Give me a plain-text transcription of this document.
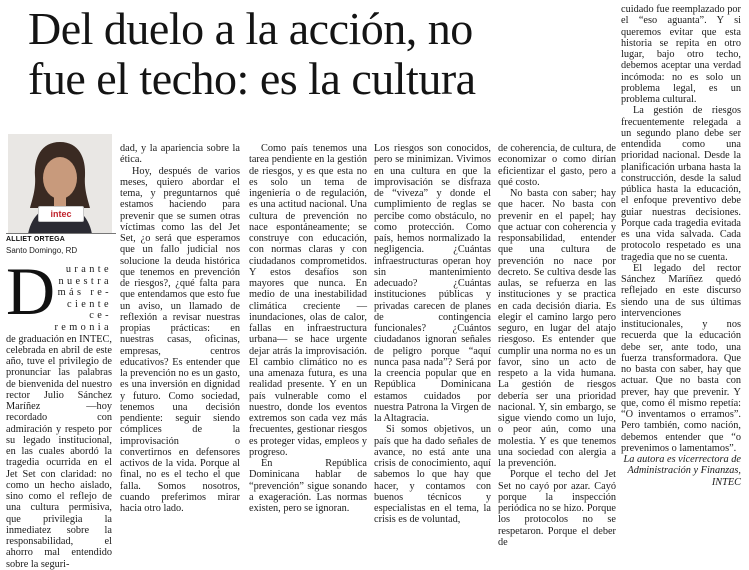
Del duelo a la acción, no
fue el techo: es la cultura
intec
ALLIET ORTEGA
Santo Domingo, RD
D	urante
nuestra
más re-
ciente ce-
remonia

de graduación en INTEC, celebrada en abril de este año, tuve el privilegio de pronunciar las palabras de bienvenida del nuestro rector Julio Sánchez Maríñez —hoy recordado con admiración y respeto por su legado institucional, en las cuales abordó la tragedia ocurrida en el Jet Set con claridad: no como un hecho aislado, sino como el reflejo de una cultura permisiva, que privilegia la inmediatez sobre la responsabilidad, el ahorro mal entendido sobre la seguri-

dad, y la apariencia sobre la ética.

Hoy, después de varios meses, quiero abordar el tema, y preguntarnos qué estamos haciendo para prevenir que se sumen otras víctimas como las del Jet Set, ¿o será que esperamos que un fallo judicial nos solucione la deuda histórica que tenemos en prevención de riesgos?, ¿qué falta para que entendamos que esto fue un aviso, un llamado de reflexión a revisar nuestras propias prácticas: en nuestras casas, oficinas, empresas, centros educativos? Es entender que la prevención no es un gasto, es una inversión en dignidad y futuro. Como sociedad, tenemos una decisión pendiente: seguir siendo cómplices de la improvisación o convertirnos en defensores activos de la vida. Porque al final, no es el techo el que falla. Somos nosotros, cuando preferimos mirar hacia otro lado.

Como país tenemos una tarea pendiente en la gestión de riesgos, y es que esta no es solo un tema de ingeniería o de regulación, es una actitud nacional. Una cultura de prevención no nace espontáneamente; se construye con educación, con normas claras y con ciudadanos comprometidos. Y estos desafíos son mayores que nunca. En medio de una inestabilidad climática creciente —inundaciones, olas de calor, fallas en infraestructura urbana— se hace urgente dejar atrás la improvisación. El cambio climático no es una amenaza futura, es una realidad presente. Y en un país vulnerable como el nuestro, donde los eventos extremos son cada vez más frecuentes, gestionar riesgos es proteger vidas, empleos y progreso.

En República Dominicana hablar de “prevención” sigue sonando a exageración. Las normas existen, pero se ignoran.

Los riesgos son conocidos, pero se minimizan. Vivimos en una cultura en que la improvisación se disfraza de “viveza” y donde el cumplimiento de reglas se percibe como obstáculo, no como protección. Como país, hemos normalizado la negligencia. ¿Cuántas infraestructuras operan hoy sin mantenimiento adecuado? ¿Cuántas instituciones públicas y privadas carecen de planes de contingencia funcionales? ¿Cuántos ciudadanos ignoran señales de peligro porque “aquí nunca pasa nada”? Será por la creencia popular que en República Dominicana estamos cuidados por nuestra Patrona la Virgen de la Altagracia.

Si somos objetivos, un país que ha dado señales de avance, no está ante una crisis de conocimiento, aquí sabemos lo que hay que hacer, y contamos con buenos técnicos y especialistas en el tema, la crisis es de voluntad,

de coherencia, de cultura, de economizar o como dirían eficientizar el gasto, pero a qué costo.

No basta con saber; hay que hacer. No basta con prevenir en el papel; hay que actuar con coherencia y responsabilidad, entender que una cultura de prevención no nace por decreto. Se cultiva desde las aulas, se refuerza en las instituciones y se practica en cada decisión diaria. Es elegir el camino largo pero seguro, en lugar del atajo riesgoso. Es entender que cumplir una norma no es un favor, sino un acto de respeto a la vida humana. La gestión de riesgos debería ser una prioridad nacional. Y, sin embargo, se sigue viendo como un lujo, o peor aún, como una molestia. Y es que tenemos una sociedad con alergia a la prevención.

Porque el techo del Jet Set no cayó por azar. Cayó porque la inspección periódica no se hizo. Porque los protocolos no se respetaron. Porque el deber de

cuidado fue reemplazado por el “eso aguanta”. Y si queremos evitar que esta historia se repita en otro lugar, bajo otro techo, debemos aceptar una verdad incómoda: no es solo un problema legal, es un problema cultural.

La gestión de riesgos frecuentemente relegada a un segundo plano debe ser entendida como una prioridad nacional. Desde la planificación urbana hasta la construcción, desde la salud pública hasta la educación, el enfoque preventivo debe guiar nuestras decisiones. Porque cada tragedia evitada es una vida salvada. Cada protocolo respetado es una tragedia que no se cuenta.

El legado del rector Sánchez Maríñez quedó reflejado en este discurso siendo una de sus últimas intervenciones institucionales, y nos recuerda que la educación debe ser, ante todo, una fuerza transformadora. Que no basta con saber, hay que actuar. Que no basta con prever, hay que prevenir. Y que, como él mismo repetía: “O inventamos o erramos”. Pero también, como nación, debemos entender que “o prevenimos o lamentamos”.

La autora es vicerrectora de Administración y Finanzas, INTEC
